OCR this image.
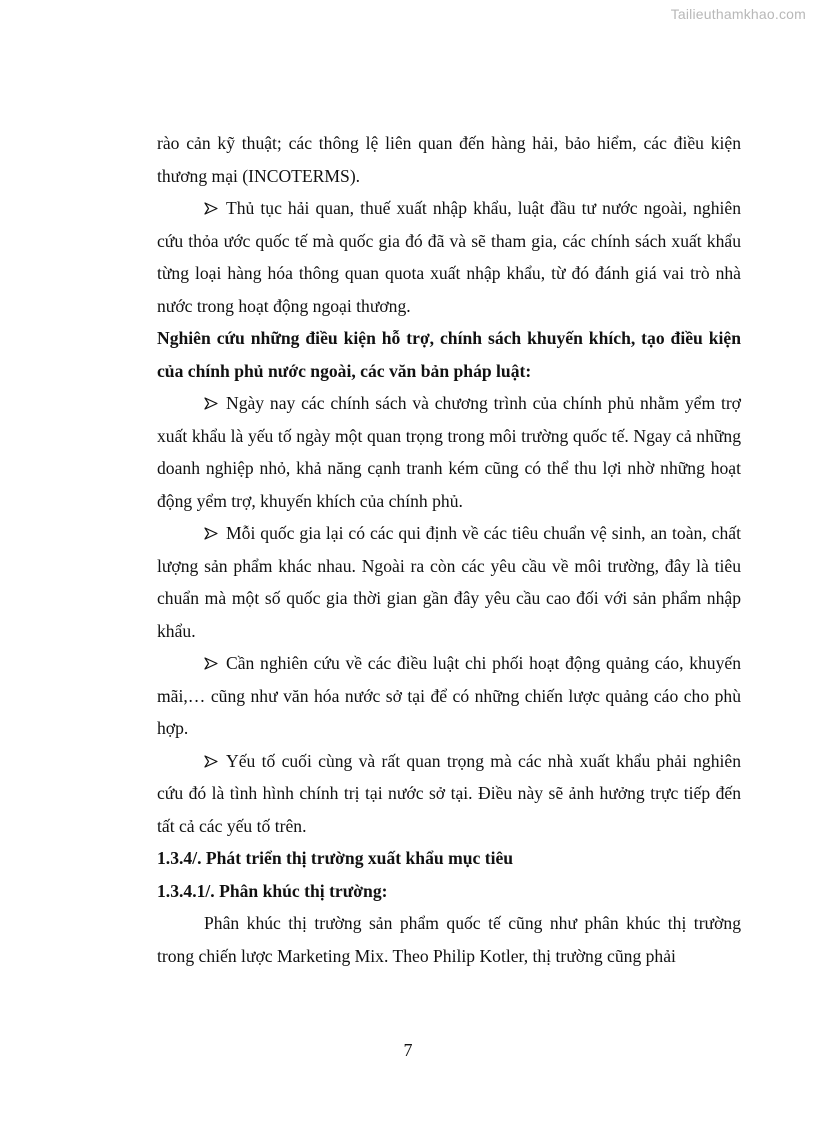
Tailieuthamkhao.com

rào cản kỹ thuật; các thông lệ liên quan đến hàng hải, bảo hiểm, các điều kiện thương mại (INCOTERMS).

Thủ tục hải quan, thuế xuất nhập khẩu, luật đầu tư nước ngoài, nghiên cứu thỏa ước quốc tế mà quốc gia đó đã và sẽ tham gia, các chính sách xuất khẩu từng loại hàng hóa thông quan quota xuất nhập khẩu, từ đó đánh giá vai trò nhà nước trong hoạt động ngoại thương.

Nghiên cứu những điều kiện hỗ trợ, chính sách khuyến khích, tạo điều kiện của chính phủ nước ngoài, các văn bản pháp luật:

Ngày nay các chính sách và chương trình của chính phủ nhằm yểm trợ xuất khẩu là yếu tố ngày một quan trọng trong môi trường quốc tế. Ngay cả những doanh nghiệp nhỏ, khả năng cạnh tranh kém cũng có thể thu lợi nhờ những hoạt động yểm trợ, khuyến khích của chính phủ.

Mỗi quốc gia lại có các qui định về các tiêu chuẩn vệ sinh, an toàn, chất lượng sản phẩm khác nhau. Ngoài ra còn các yêu cầu về môi trường, đây là tiêu chuẩn mà một số quốc gia thời gian gần đây yêu cầu cao đối với sản phẩm nhập khẩu.

Cần nghiên cứu về các điều luật chi phối hoạt động quảng cáo, khuyến mãi,… cũng như văn hóa nước sở tại để có những chiến lược quảng cáo cho phù hợp.

Yếu tố cuối cùng và rất quan trọng mà các nhà xuất khẩu phải nghiên cứu đó là tình hình chính trị tại nước sở tại. Điều này sẽ ảnh hưởng trực tiếp đến tất cả các yếu tố trên.

1.3.4/. Phát triển thị trường xuất khẩu mục tiêu

1.3.4.1/. Phân khúc thị trường:

Phân khúc thị trường sản phẩm quốc tế cũng như phân khúc thị trường trong chiến lược Marketing Mix. Theo Philip Kotler, thị trường cũng phải

7
